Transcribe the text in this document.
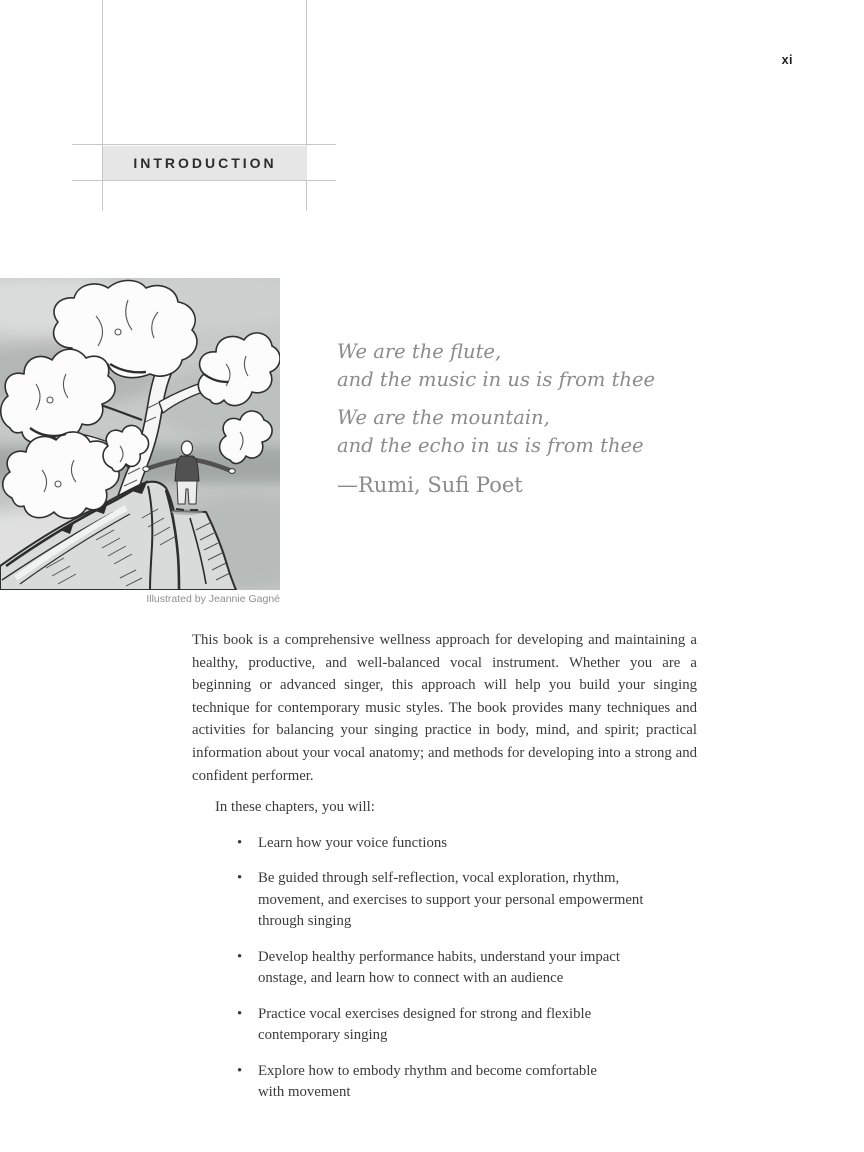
xi
INTRODUCTION
Illustrated by Jeannie Gagné
We are the flute,
and the music in us is from thee
We are the mountain,
and the echo in us is from thee
—Rumi, Sufi Poet

This book is a comprehensive wellness approach for developing and maintaining a healthy, productive, and well-balanced vocal instrument. Whether you are a beginning or advanced singer, this approach will help you build your singing technique for contemporary music styles. The book provides many techniques and activities for balancing your singing practice in body, mind, and spirit; practical information about your vocal anatomy; and methods for developing into a strong and confident performer.

In these chapters, you will:
•	Learn how your voice functions
•	Be guided through self-reflection, vocal exploration, rhythm,
movement, and exercises to support your personal empowerment
through singing
•	Develop healthy performance habits, understand your impact
onstage, and learn how to connect with an audience
•	Practice vocal exercises designed for strong and flexible
contemporary singing
•	Explore how to embody rhythm and become comfortable
with movement
